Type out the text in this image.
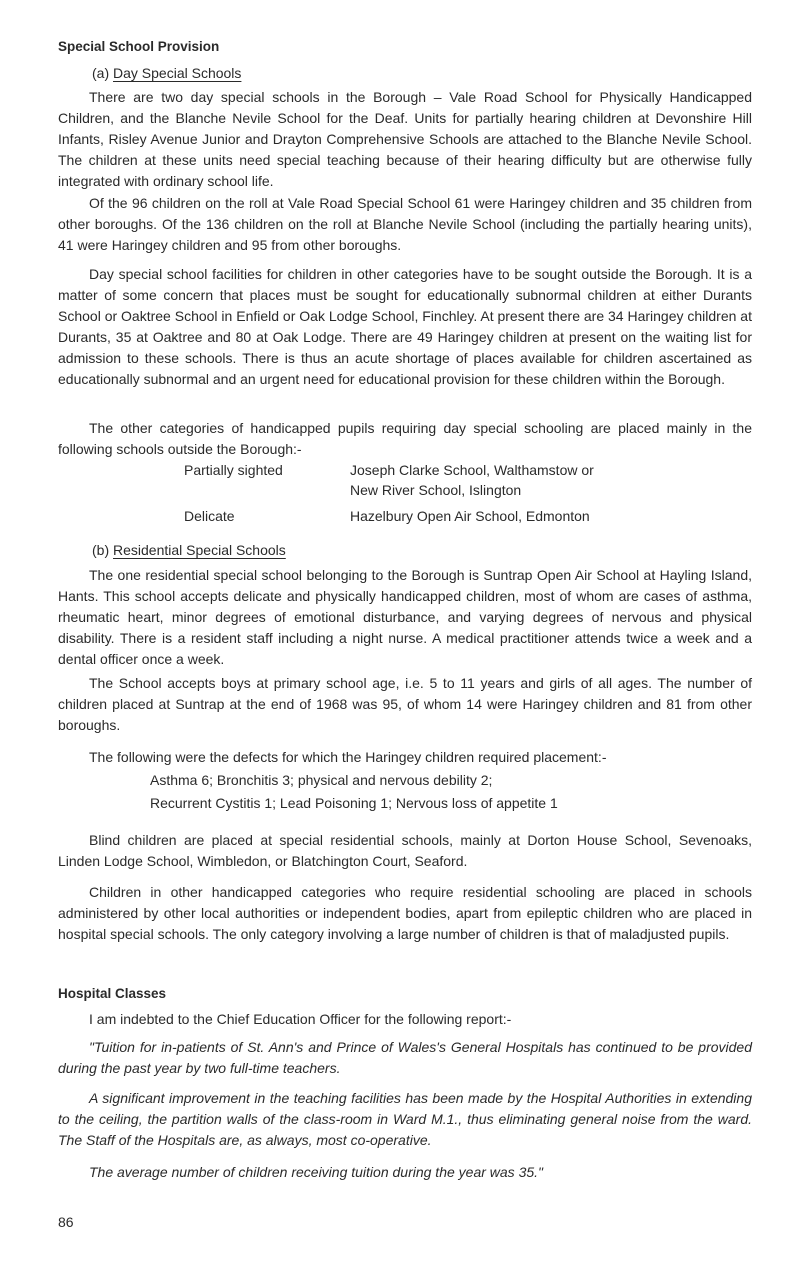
Special School Provision
(a) Day Special Schools
There are two day special schools in the Borough – Vale Road School for Physically Handicapped Children, and the Blanche Nevile School for the Deaf. Units for partially hearing children at Devonshire Hill Infants, Risley Avenue Junior and Drayton Comprehensive Schools are attached to the Blanche Nevile School. The children at these units need special teaching because of their hearing difficulty but are otherwise fully integrated with ordinary school life.
Of the 96 children on the roll at Vale Road Special School 61 were Haringey children and 35 children from other boroughs. Of the 136 children on the roll at Blanche Nevile School (including the partially hearing units), 41 were Haringey children and 95 from other boroughs.
Day special school facilities for children in other categories have to be sought outside the Borough. It is a matter of some concern that places must be sought for educationally subnormal children at either Durants School or Oaktree School in Enfield or Oak Lodge School, Finchley. At present there are 34 Haringey children at Durants, 35 at Oaktree and 80 at Oak Lodge. There are 49 Haringey children at present on the waiting list for admission to these schools. There is thus an acute shortage of places available for children ascertained as educationally subnormal and an urgent need for educational provision for these children within the Borough.
The other categories of handicapped pupils requiring day special schooling are placed mainly in the following schools outside the Borough:-
Partially sighted	Joseph Clarke School, Walthamstow or
New River School, Islington
Delicate	Hazelbury Open Air School, Edmonton
(b) Residential Special Schools
The one residential special school belonging to the Borough is Suntrap Open Air School at Hayling Island, Hants. This school accepts delicate and physically handicapped children, most of whom are cases of asthma, rheumatic heart, minor degrees of emotional disturbance, and varying degrees of nervous and physical disability. There is a resident staff including a night nurse. A medical practitioner attends twice a week and a dental officer once a week.
The School accepts boys at primary school age, i.e. 5 to 11 years and girls of all ages. The number of children placed at Suntrap at the end of 1968 was 95, of whom 14 were Haringey children and 81 from other boroughs.
The following were the defects for which the Haringey children required placement:-
Asthma 6; Bronchitis 3; physical and nervous debility 2;
Recurrent Cystitis 1; Lead Poisoning 1; Nervous loss of appetite 1
Blind children are placed at special residential schools, mainly at Dorton House School, Sevenoaks, Linden Lodge School, Wimbledon, or Blatchington Court, Seaford.
Children in other handicapped categories who require residential schooling are placed in schools administered by other local authorities or independent bodies, apart from epileptic children who are placed in hospital special schools. The only category involving a large number of children is that of maladjusted pupils.
Hospital Classes
I am indebted to the Chief Education Officer for the following report:-
"Tuition for in-patients of St. Ann's and Prince of Wales's General Hospitals has continued to be provided during the past year by two full-time teachers.
A significant improvement in the teaching facilities has been made by the Hospital Authorities in extending to the ceiling, the partition walls of the class-room in Ward M.1., thus eliminating general noise from the ward. The Staff of the Hospitals are, as always, most co-operative.
The average number of children receiving tuition during the year was 35."
86
